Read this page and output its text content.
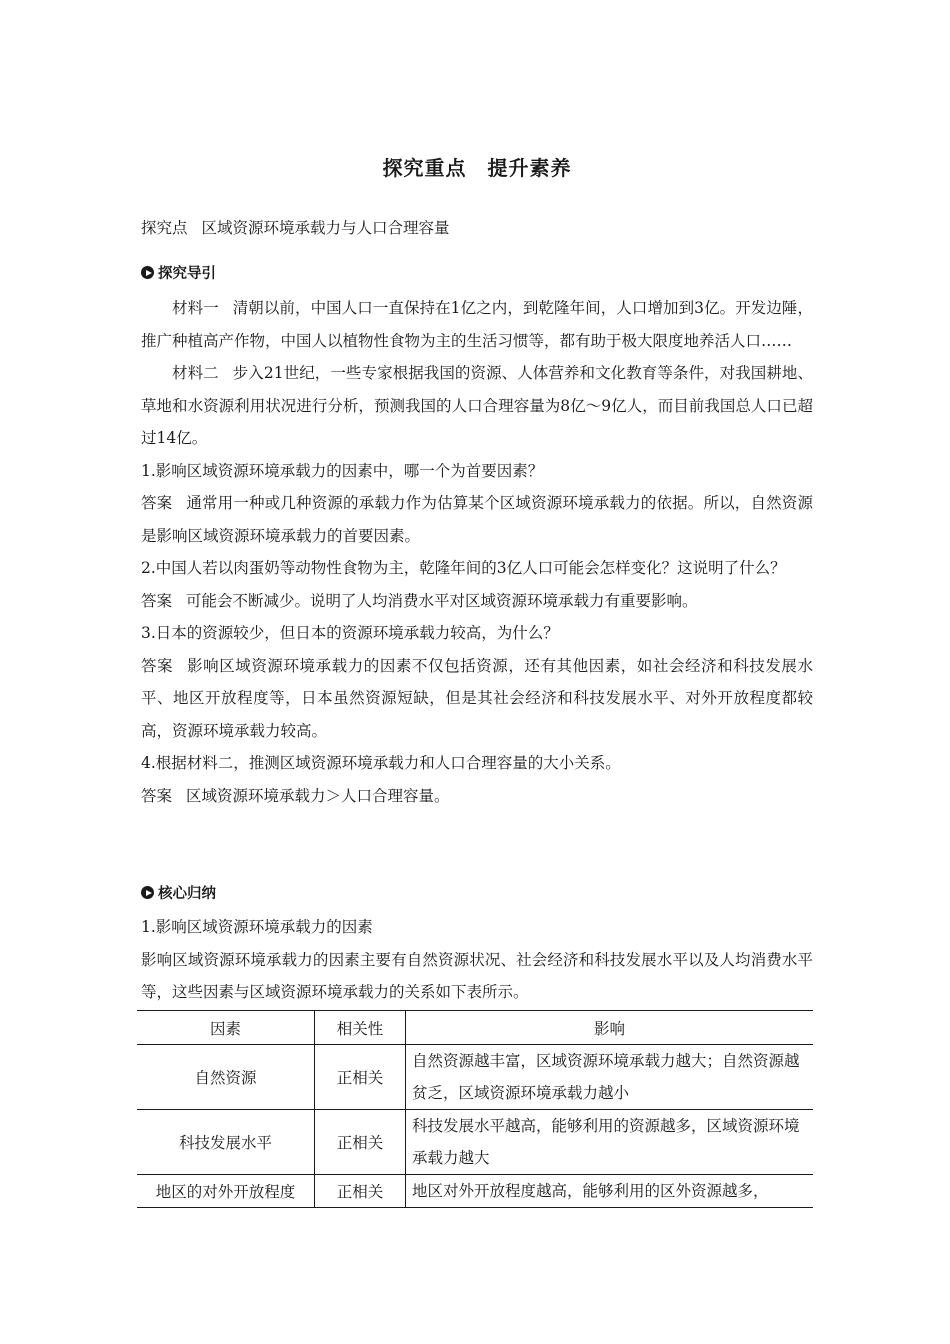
探究重点　提升素养
探究点 区域资源环境承载力与人口合理容量
探究导引

材料一 清朝以前，中国人口一直保持在1亿之内，到乾隆年间，人口增加到3亿。开发边陲，推广种植高产作物，中国人以植物性食物为主的生活习惯等，都有助于极大限度地养活人口……

材料二 步入21世纪，一些专家根据我国的资源、人体营养和文化教育等条件，对我国耕地、草地和水资源利用状况进行分析，预测我国的人口合理容量为8亿～9亿人，而目前我国总人口已超过14亿。

1.影响区域资源环境承载力的因素中，哪一个为首要因素？

答案 通常用一种或几种资源的承载力作为估算某个区域资源环境承载力的依据。所以，自然资源是影响区域资源环境承载力的首要因素。

2.中国人若以肉蛋奶等动物性食物为主，乾隆年间的3亿人口可能会怎样变化？这说明了什么？

答案 可能会不断减少。说明了人均消费水平对区域资源环境承载力有重要影响。

3.日本的资源较少，但日本的资源环境承载力较高，为什么？

答案 影响区域资源环境承载力的因素不仅包括资源，还有其他因素，如社会经济和科技发展水平、地区开放程度等，日本虽然资源短缺，但是其社会经济和科技发展水平、对外开放程度都较高，资源环境承载力较高。

4.根据材料二，推测区域资源环境承载力和人口合理容量的大小关系。

答案 区域资源环境承载力＞人口合理容量。

核心归纳

1.影响区域资源环境承载力的因素

影响区域资源环境承载力的因素主要有自然资源状况、社会经济和科技发展水平以及人均消费水平等，这些因素与区域资源环境承载力的关系如下表所示。

因素	相关性	影响
自然资源	正相关	自然资源越丰富，区域资源环境承载力越大；自然资源越贫乏，区域资源环境承载力越小
科技发展水平	正相关	科技发展水平越高，能够利用的资源越多，区域资源环境承载力越大
地区的对外开放程度	正相关	地区对外开放程度越高，能够利用的区外资源越多，
